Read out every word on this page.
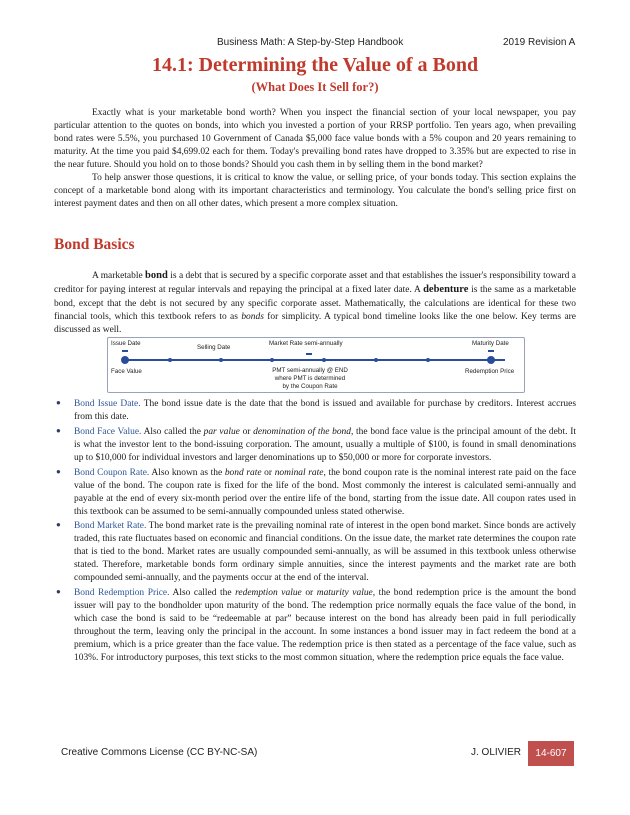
Business Math: A Step-by-Step Handbook	2019 Revision A
14.1: Determining the Value of a Bond
(What Does It Sell for?)

Exactly what is your marketable bond worth? When you inspect the financial section of your local newspaper, you pay particular attention to the quotes on bonds, into which you invested a portion of your RRSP portfolio. Ten years ago, when prevailing bond rates were 5.5%, you purchased 10 Government of Canada $5,000 face value bonds with a 5% coupon and 20 years remaining to maturity. At the time you paid $4,699.02 each for them. Today's prevailing bond rates have dropped to 3.35% but are expected to rise in the near future. Should you hold on to those bonds? Should you cash them in by selling them in the bond market?

To help answer those questions, it is critical to know the value, or selling price, of your bonds today. This section explains the concept of a marketable bond along with its important characteristics and terminology. You calculate the bond's selling price first on interest payment dates and then on all other dates, which present a more complex situation.

Bond Basics

A marketable bond is a debt that is secured by a specific corporate asset and that establishes the issuer's responsibility toward a creditor for paying interest at regular intervals and repaying the principal at a fixed later date. A debenture is the same as a marketable bond, except that the debt is not secured by any specific corporate asset. Mathematically, the calculations are identical for these two financial tools, which this textbook refers to as bonds for simplicity. A typical bond timeline looks like the one below. Key terms are discussed as well.

Issue Date
Selling Date
Market Rate semi-annually	Maturity Date
Face Value	PMT semi-annually @ END
where PMT is determined
by the Coupon Rate
Redemption Price
● Bond Issue Date. The bond issue date is the date that the bond is issued and available for purchase by creditors. Interest accrues from this date.
● Bond Face Value. Also called the par value or denomination of the bond, the bond face value is the principal amount of the debt. It is what the investor lent to the bond-issuing corporation. The amount, usually a multiple of $100, is found in small denominations up to $10,000 for individual investors and larger denominations up to $50,000 or more for corporate investors.
● Bond Coupon Rate. Also known as the bond rate or nominal rate, the bond coupon rate is the nominal interest rate paid on the face value of the bond. The coupon rate is fixed for the life of the bond. Most commonly the interest is calculated semi-annually and payable at the end of every six-month period over the entire life of the bond, starting from the issue date. All coupon rates used in this textbook can be assumed to be semi-annually compounded unless stated otherwise.
● Bond Market Rate. The bond market rate is the prevailing nominal rate of interest in the open bond market. Since bonds are actively traded, this rate fluctuates based on economic and financial conditions. On the issue date, the market rate determines the coupon rate that is tied to the bond. Market rates are usually compounded semi-annually, as will be assumed in this textbook unless otherwise stated. Therefore, marketable bonds form ordinary simple annuities, since the interest payments and the market rate are both compounded semi-annually, and the payments occur at the end of the interval.
● Bond Redemption Price. Also called the redemption value or maturity value, the bond redemption price is the amount the bond issuer will pay to the bondholder upon maturity of the bond. The redemption price normally equals the face value of the bond, in which case the bond is said to be “redeemable at par” because interest on the bond has already been paid in full periodically throughout the term, leaving only the principal in the account. In some instances a bond issuer may in fact redeem the bond at a premium, which is a price greater than the face value. The redemption price is then stated as a percentage of the face value, such as 103%. For introductory purposes, this text sticks to the most common situation, where the redemption price equals the face value.
Creative Commons License (CC BY-NC-SA)	J. OLIVIER	14-607
